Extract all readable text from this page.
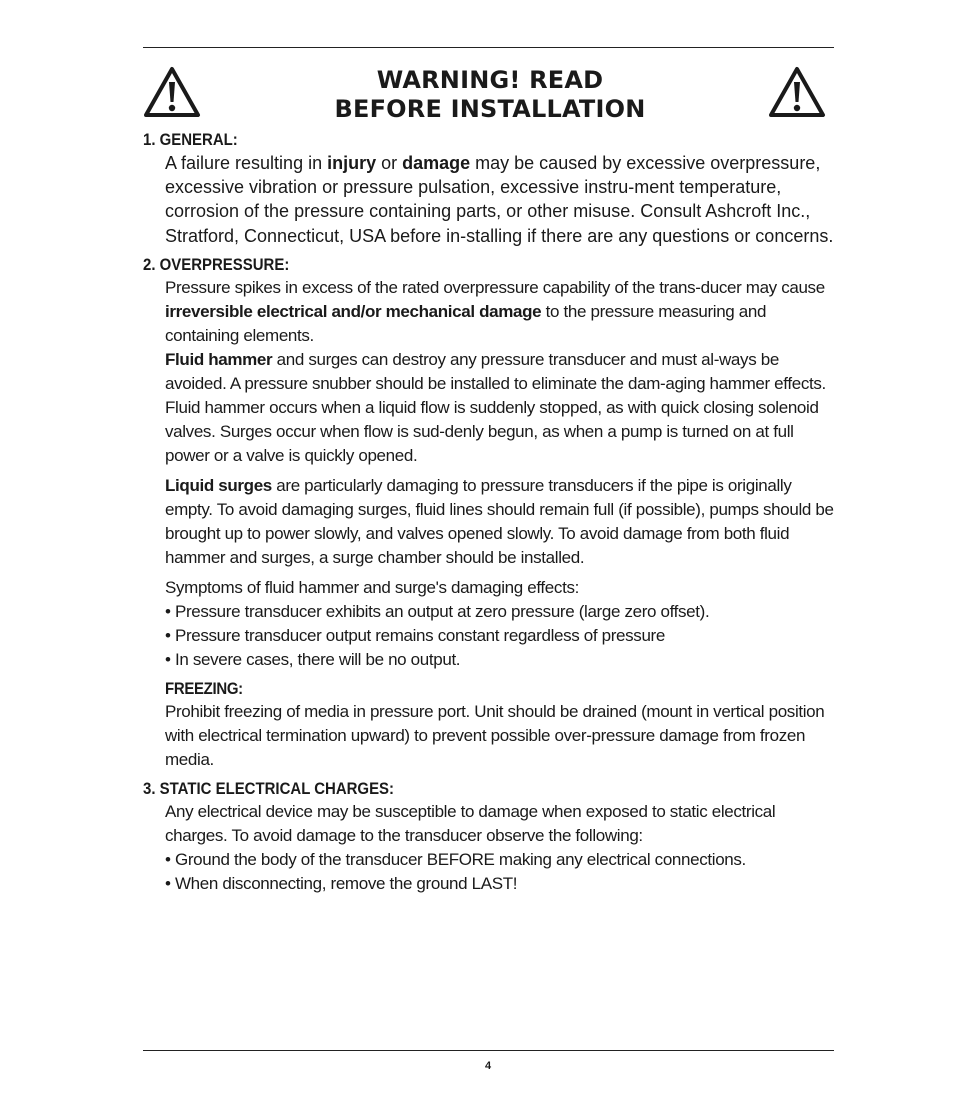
WARNING! READ
BEFORE INSTALLATION
1. GENERAL:

A failure resulting in injury or damage may be caused by excessive overpressure, excessive vibration or pressure pulsation, excessive instru-ment temperature, corrosion of the pressure containing parts, or other misuse. Consult Ashcroft Inc., Stratford, Connecticut, USA before in-stalling if there are any questions or concerns.

2. OVERPRESSURE:

Pressure spikes in excess of the rated overpressure capability of the trans-ducer may cause irreversible electrical and/or mechanical damage to the pressure measuring and containing elements.

Fluid hammer and surges can destroy any pressure transducer and must al-ways be avoided. A pressure snubber should be installed to eliminate the dam-aging hammer effects. Fluid hammer occurs when a liquid flow is suddenly stopped, as with quick closing solenoid valves. Surges occur when flow is sud-denly begun, as when a pump is turned on at full power or a valve is quickly opened.

Liquid surges are particularly damaging to pressure transducers if the pipe is originally empty. To avoid damaging surges, fluid lines should remain full (if possible), pumps should be brought up to power slowly, and valves opened slowly. To avoid damage from both fluid hammer and surges, a surge chamber should be installed.

Symptoms of fluid hammer and surge's damaging effects:

• Pressure transducer exhibits an output at zero pressure (large zero offset).

• Pressure transducer output remains constant regardless of pressure

• In severe cases, there will be no output.

FREEZING:

Prohibit freezing of media in pressure port. Unit should be drained (mount in vertical position with electrical termination upward) to prevent possible over-pressure damage from frozen media.

3. STATIC ELECTRICAL CHARGES:

Any electrical device may be susceptible to damage when exposed to static electrical charges. To avoid damage to the transducer observe the following:

• Ground the body of the transducer BEFORE making any electrical connections.

• When disconnecting, remove the ground LAST!

4
